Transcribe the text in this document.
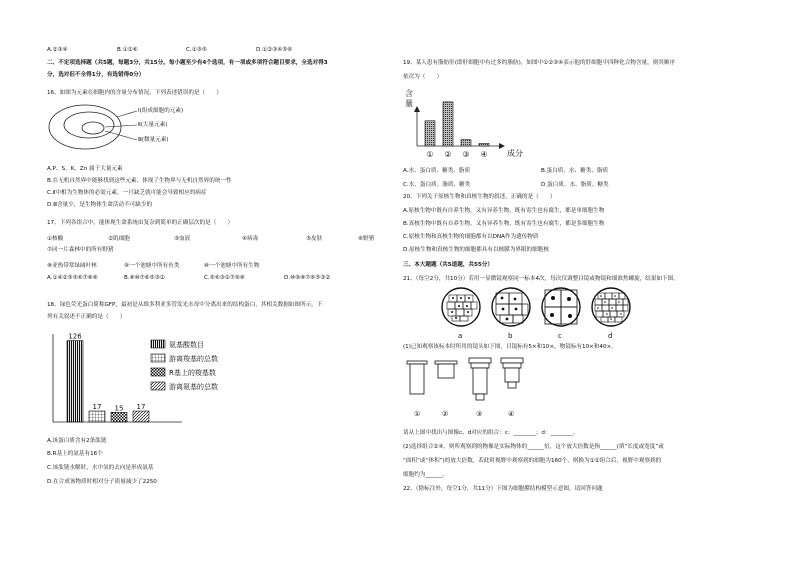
A.②③④	B.①②⑥	C.①③⑤	D.①②③④⑤⑥
二、不定项选择题（共5题，每题3分，共15分。每小题至少有4个选项，有一项或多项符合题目要求，全选对得3
分，选对但不全得1分，有选错得0分）
16、如图为元素在细胞内的含量分布情况，下列表述错误的是（　　）
Ⅰ(组成细胞的元素)
Ⅱ(大量元素)
Ⅲ(微量元素)
A.P、S、K、Zn 属于大量元素
B.在无机自然界中能够找到这些元素，体现了生物界与无机自然界的统一性
C.Ⅱ中相为生物体的必需元素，一旦缺乏就可能会导致相应的病症
D.Ⅲ含量少，是生物体生命活动不可缺少的
17、下列各组合中，能体现生命系统由复杂到简单的正确层次的是（　　）
①核酸	②肌细胞	③血液	④病毒	⑤皮肤	⑥野猪
⑦同一片森林中的所有野猪
⑧亚热带常绿阔叶林	⑨一个池塘中所有鱼类	⑩一个池塘中所有生物
A.①④②③⑤⑥⑦⑧⑨	B.⑧⑩⑦⑥⑤③②	C.⑤⑥③②⑦⑨⑧	D.⑩⑨⑧⑦⑥⑤③②
18、绿色荧光蛋白简称GFP，最初是从维多利亚多管发光水母中分离出来的结构蛋白，其相关数据如图所示，下
列有关叙述不正确的是（　　）
126
17 15 17
氨基酸数目
游离羧基的总数
R基上的羧基数
游离氨基的总数
A.该蛋白质含有2条肽链
B.R基上的氨基有16个
C.该肽链水解时，水中氢的去向是形成氨基
D.在合成该物质时相对分子质量减少了2250
19、某人患有脂肪肝(即肝细胞中有过多的脂肪)，如图中①②③④表示他的肝细胞中四种化合物含量，则其顺序
依次为（　　）
含
量
① ② ③ ④ 成分
A.水、蛋白质、糖类、脂质	B.蛋白质、水、糖类、脂质
C.水、蛋白质、脂质、糖类	D.蛋白质、水、脂质、糖类
20、下列关于原核生物和真核生物的叙述，正确的是（　　）
A.原核生物中既有自养生物，又有异养生物，既有寄生也有腐生，都是单细胞生物
B.真核生物中既有自养生物，又有异养生物，既有寄生也有腐生，都是多细胞生物
C.原核生物和真核生物的细胞都有以DNA作为遗传物质
D.原核生物和真核生物的细胞都具有以核膜为界限的细胞核
三、本大题题（共5道题，共55分）
21、（每空2分，共10分）若用一显微镜观察同一标本4次，每次仅调整目镜或物镜和细准焦螺旋，结果如下图。
a	b	c	d
(1)已知观察该标本时所用的镜头如下图，目镜标有5×和10×，物镜标有10×和40×。
①	②	③	④
请从上图中找出与图像c、d对应的组合：c：________；d：________。
(2)选择组合②④，则所观察到的物像是实际物体的______倍，这个放大倍数是指______(填“长度或宽度”或
“面积”或“体积”)的放大倍数，若此时视野中观察到的细胞为160个，则换为①②组合后，视野中观察到的
细胞约为______。
22、（除标注外，每空1分，共11分）下图为细胞膜结构模型示意图，请回答问题
